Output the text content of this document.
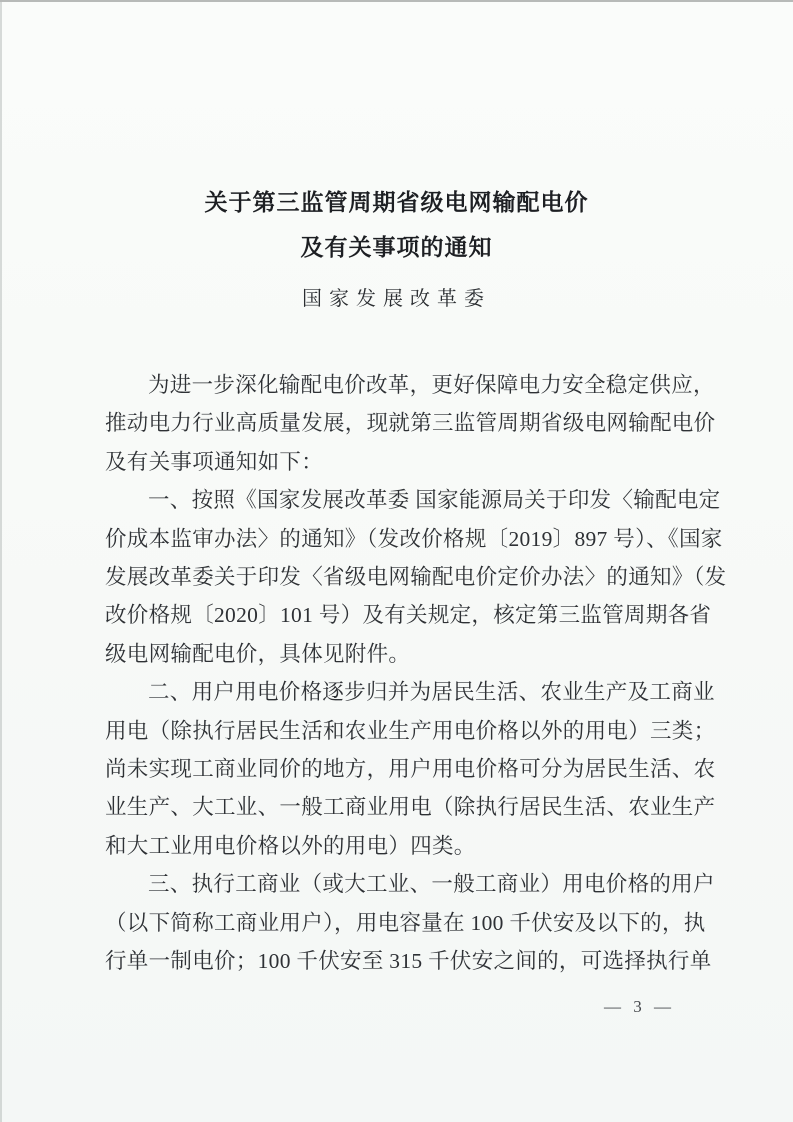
关于第三监管周期省级电网输配电价
及有关事项的通知
国家发展改革委
为进一步深化输配电价改革，更好保障电力安全稳定供应，
推动电力行业高质量发展，现就第三监管周期省级电网输配电价
及有关事项通知如下：
一、按照《国家发展改革委 国家能源局关于印发〈输配电定
价成本监审办法〉的通知》（发改价格规〔2019〕897 号）、《国家
发展改革委关于印发〈省级电网输配电价定价办法〉的通知》（发
改价格规〔2020〕101 号）及有关规定，核定第三监管周期各省
级电网输配电价，具体见附件。
二、用户用电价格逐步归并为居民生活、农业生产及工商业
用电（除执行居民生活和农业生产用电价格以外的用电）三类；
尚未实现工商业同价的地方，用户用电价格可分为居民生活、农
业生产、大工业、一般工商业用电（除执行居民生活、农业生产
和大工业用电价格以外的用电）四类。
三、执行工商业（或大工业、一般工商业）用电价格的用户
（以下简称工商业用户），用电容量在 100 千伏安及以下的，执
行单一制电价；100 千伏安至 315 千伏安之间的，可选择执行单
— 3 —
